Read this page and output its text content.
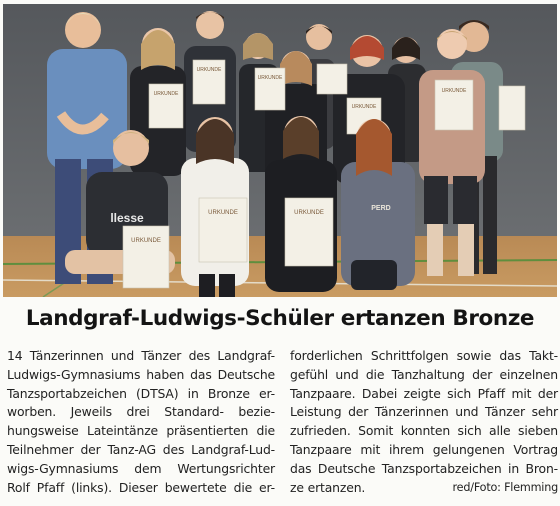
URKUNDE
URKUNDE
URKUNDE
URKUNDE
URKUNDE
llesse
URKUNDE
URKUNDE	URKUNDE
PERD
Landgraf-Ludwigs-Schüler ertanzen Bronze
14 Tänzerinnen und Tänzer des Landgraf-
Ludwigs-Gymnasiums haben das Deutsche
Tanzsportabzeichen (DTSA) in Bronze er-
worben. Jeweils drei Standard- bezie-
hungsweise Lateintänze präsentierten die
Teilnehmer der Tanz-AG des Landgraf-Lud-
wigs-Gymnasiums dem Wertungsrichter
Rolf Pfaff (links). Dieser bewertete die er-
forderlichen Schrittfolgen sowie das Takt-
gefühl und die Tanzhaltung der einzelnen
Tanzpaare. Dabei zeigte sich Pfaff mit der
Leistung der Tänzerinnen und Tänzer sehr
zufrieden. Somit konnten sich alle sieben
Tanzpaare mit ihrem gelungenen Vortrag
das Deutsche Tanzsportabzeichen in Bron-
ze ertanzen.	red/Foto: Flemming
